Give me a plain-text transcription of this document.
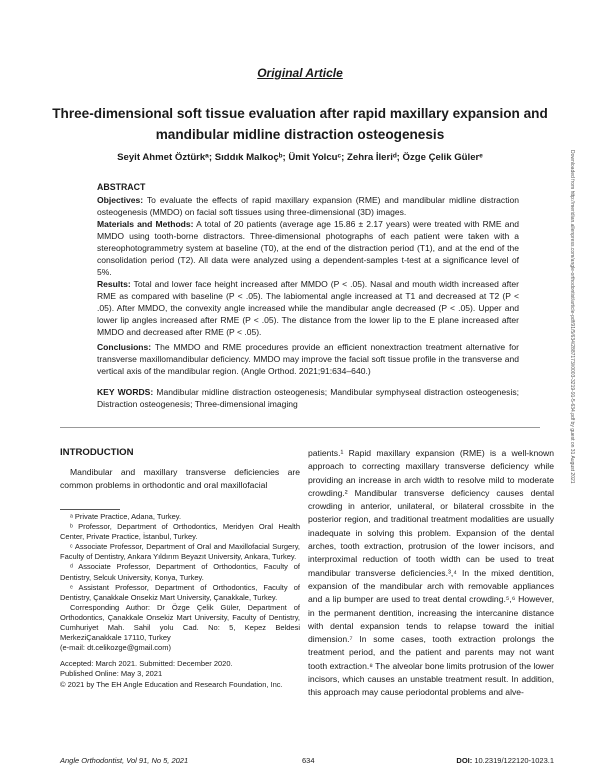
Original Article
Three-dimensional soft tissue evaluation after rapid maxillary expansion and mandibular midline distraction osteogenesis
Seyit Ahmet Öztürkᵃ; Sıddık Malkoçᵇ; Ümit Yolcuᶜ; Zehra İleriᵈ; Özge Çelik Gülerᵉ	Downloaded from http://meridian.allenpress.com/angle-orthodontist/article-pdf/91/5/634/2887173/i0003-3219-91-5-634.pdf by guest on 31 August 2021
ABSTRACT

Objectives: To evaluate the effects of rapid maxillary expansion (RME) and mandibular midline distraction osteogenesis (MMDO) on facial soft tissues using three-dimensional (3D) images.

Materials and Methods: A total of 20 patients (average age 15.86 ± 2.17 years) were treated with RME and MMDO using tooth-borne distractors. Three-dimensional photographs of each patient were taken with a stereophotogrammetry system at baseline (T0), at the end of the distraction period (T1), and at the end of the consolidation period (T2). All data were analyzed using a dependent-samples t-test at a significance level of 5%.

Results: Total and lower face height increased after MMDO (P < .05). Nasal and mouth width increased after RME as compared with baseline (P < .05). The labiomental angle increased at T1 and decreased at T2 (P < .05). After MMDO, the convexity angle increased while the mandibular angle decreased (P < .05). Upper and lower lip angles increased after RME (P < .05). The distance from the lower lip to the E plane increased after MMDO and decreased after RME (P < .05).

Conclusions: The MMDO and RME procedures provide an efficient nonextraction treatment alternative for transverse maxillomandibular deficiency. MMDO may improve the facial soft tissue profile in the transverse and vertical axis of the mandibular region. (Angle Orthod. 2021;91:634–640.)

KEY WORDS: Mandibular midline distraction osteogenesis; Mandibular symphyseal distraction osteogenesis; Distraction osteogenesis; Three-dimensional imaging

INTRODUCTION

Mandibular and maxillary transverse deficiencies are common problems in orthodontic and oral maxillofacial

ᵃ Private Practice, Adana, Turkey.

ᵇ Professor, Department of Orthodontics, Meridyen Oral Health Center, Private Practice, İstanbul, Turkey.

ᶜ Associate Professor, Department of Oral and Maxillofacial Surgery, Faculty of Dentistry, Ankara Yıldırım Beyazıt University, Ankara, Turkey.

ᵈ Associate Professor, Department of Orthodontics, Faculty of Dentistry, Selcuk University, Konya, Turkey.

ᵉ Assistant Professor, Department of Orthodontics, Faculty of Dentistry, Çanakkale Onsekiz Mart University, Çanakkale, Turkey.

Corresponding Author: Dr Özge Çelik Güler, Department of Orthodontics, Çanakkale Onsekiz Mart University, Faculty of Dentistry, Cumhuriyet Mah. Sahil yolu Cad. No: 5, Kepez Beldesi MerkeziÇanakkale 17110, Turkey

(e-mail: dt.celikozge@gmail.com)

Accepted: March 2021. Submitted: December 2020.

Published Online: May 3, 2021

© 2021 by The EH Angle Education and Research Foundation, Inc.

patients.¹ Rapid maxillary expansion (RME) is a well-known approach to correcting maxillary transverse deficiency while providing an increase in arch width to resolve mild to moderate crowding.² Mandibular transverse deficiency causes dental crowding in anterior, unilateral, or bilateral crossbite in the posterior region, and traditional treatment modalities are usually inadequate in solving this problem. Expansion of the dental arches, tooth extraction, protrusion of the lower incisors, and interproximal reduction of tooth width can be used to treat mandibular transverse deficiencies.³,⁴ In the mixed dentition, expansion of the mandibular arch with removable appliances and a lip bumper are used to treat dental crowding.⁵,⁶ However, in the permanent dentition, increasing the intercanine distance with dental expansion tends to relapse toward the initial dimension.⁷ In some cases, tooth extraction prolongs the treatment period, and the patient and parents may not want tooth extraction.⁸ The alveolar bone limits protrusion of the lower incisors, which causes an unstable treatment result. In addition, this approach may cause periodontal problems and alve-

Angle Orthodontist, Vol 91, No 5, 2021	634	DOI: 10.2319/122120-1023.1
